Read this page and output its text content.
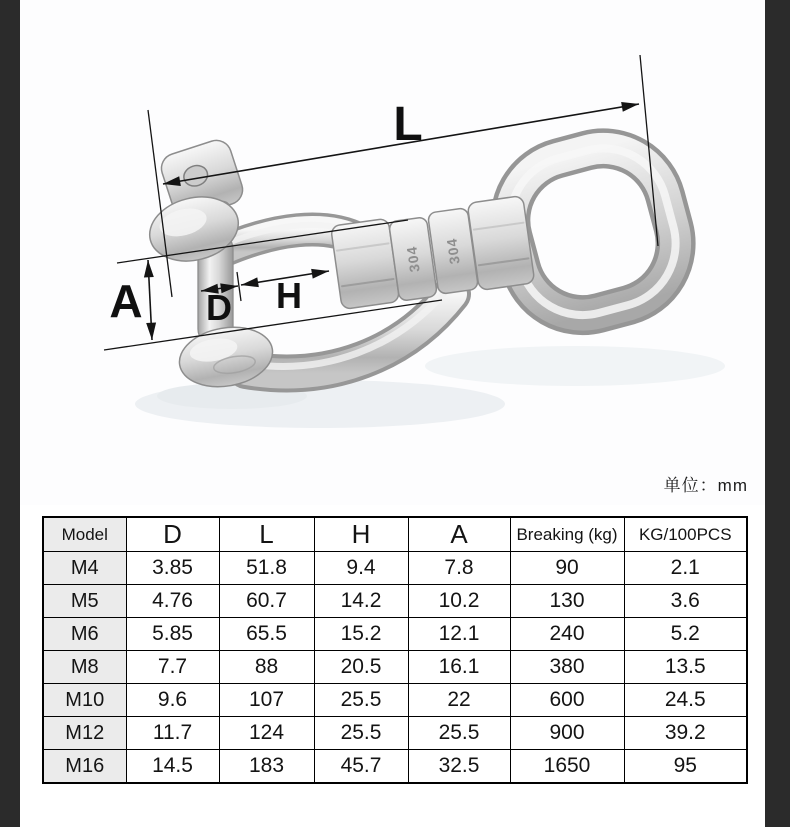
304 304
L
A D H
单位：mm
Model	D	L	H	A	Breaking (kg)	KG/100PCS
M4	3.85	51.8	9.4	7.8	90	2.1
M5	4.76	60.7	14.2	10.2	130	3.6
M6	5.85	65.5	15.2	12.1	240	5.2
M8	7.7	88	20.5	16.1	380	13.5
M10	9.6	107	25.5	22	600	24.5
M12	11.7	124	25.5	25.5	900	39.2
M16	14.5	183	45.7	32.5	1650	95
